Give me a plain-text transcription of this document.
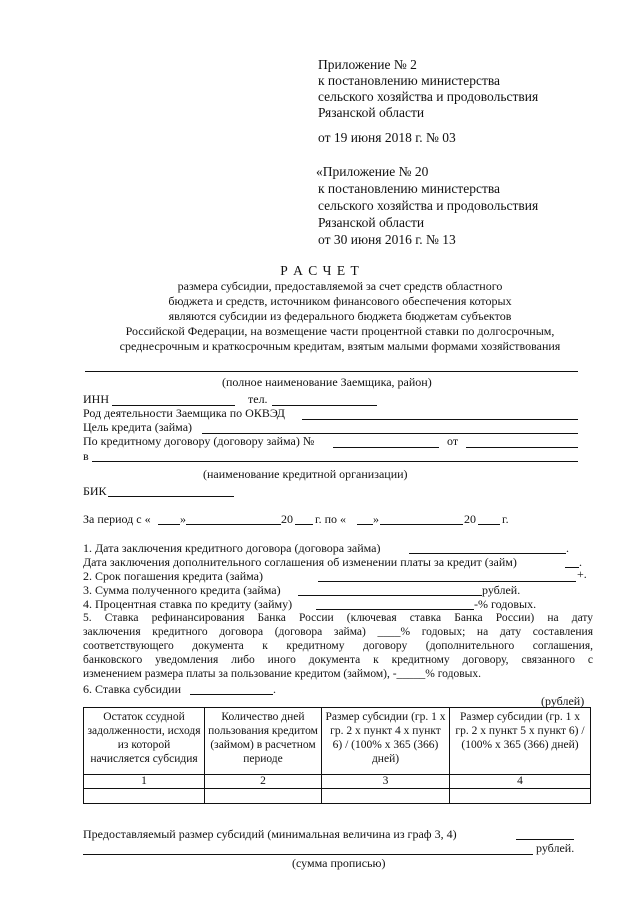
Приложение № 2
к постановлению министерства
сельского хозяйства и продовольствия
Рязанской области
от 19 июня 2018 г. № 03
«Приложение № 20
к постановлению министерства
сельского хозяйства и продовольствия
Рязанской области
от 30 июня 2016 г. № 13
Р А С Ч Е Т
размера субсидии, предоставляемой за счет средств областного
бюджета и средств, источником финансового обеспечения которых
являются субсидии из федерального бюджета бюджетам субъектов
Российской Федерации, на возмещение части процентной ставки по долгосрочным,
среднесрочным и краткосрочным кредитам, взятым малыми формами хозяйствования
(полное наименование Заемщика, район)
ИНН	тел.
Род деятельности Заемщика по ОКВЭД
Цель кредита (займа)
По кредитному договору (договору займа) №	от
в
(наименование кредитной организации)
БИК
За период с « »	20 г. по « »	20 г.
1. Дата заключения кредитного договора (договора займа)	.
Дата заключения дополнительного соглашения об изменении платы за кредит (займ)	.
2. Срок погашения кредита (займа)	+.
3. Сумма полученного кредита (займа)	рублей.
4. Процентная ставка по кредиту (займу)	-% годовых.
5. Ставка рефинансирования Банка России (ключевая ставка Банка России) на дату
заключения кредитного договора (договора займа) ____% годовых; на дату составления
соответствующего документа к кредитному договору (дополнительного соглашения,
банковского уведомления либо иного документа к кредитному договору, связанного с
изменением размера платы за пользование кредитом (займом), -_____% годовых.
6. Ставка субсидии	.
(рублей)
Остаток ссудной задолженности, исходя из которой начисляется субсидия	Количество дней пользования кредитом (займом) в расчетном периоде	Размер субсидии (гр. 1 х гр. 2 х пункт 4 х пункт 6) / (100% х 365 (366) дней)	Размер субсидии (гр. 1 х гр. 2 х пункт 5 х пункт 6) / (100% х 365 (366) дней)
1	2	3	4

Предоставляемый размер субсидий (минимальная величина из граф 3, 4)
рублей.
(сумма прописью)
